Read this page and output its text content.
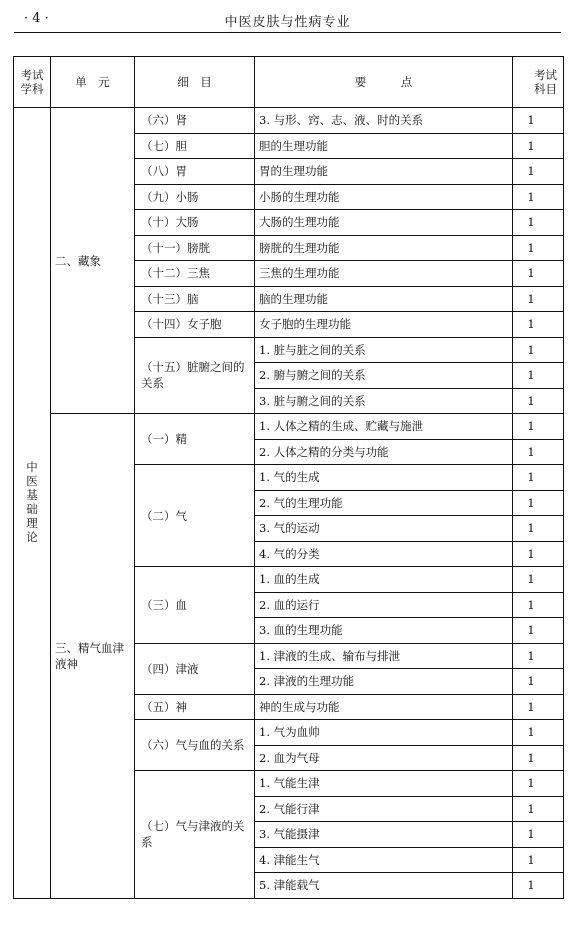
· 4 ·	中医皮肤与性病专业
考试学科	单　元	细　目	要　　　点	考试科目
中医基础理论	二、藏象	（六）肾	3. 与形、窍、志、液、时的关系	1
		（七）胆	胆的生理功能	1
		（八）胃	胃的生理功能	1
		（九）小肠	小肠的生理功能	1
		（十）大肠	大肠的生理功能	1
		（十一）膀胱	膀胱的生理功能	1
		（十二）三焦	三焦的生理功能	1
		（十三）脑	脑的生理功能	1
		（十四）女子胞	女子胞的生理功能	1
		（十五）脏腑之间的关系	1. 脏与脏之间的关系	1
			2. 腑与腑之间的关系	1
			3. 脏与腑之间的关系	1
	三、精气血津液神	（一）精	1. 人体之精的生成、贮藏与施泄	1
			2. 人体之精的分类与功能	1
		（二）气	1. 气的生成	1
			2. 气的生理功能	1
			3. 气的运动	1
			4. 气的分类	1
		（三）血	1. 血的生成	1
			2. 血的运行	1
			3. 血的生理功能	1
		（四）津液	1. 津液的生成、输布与排泄	1
			2. 津液的生理功能	1
		（五）神	神的生成与功能	1
		（六）气与血的关系	1. 气为血帅	1
			2. 血为气母	1
		（七）气与津液的关系	1. 气能生津	1
			2. 气能行津	1
			3. 气能摄津	1
			4. 津能生气	1
			5. 津能载气	1
